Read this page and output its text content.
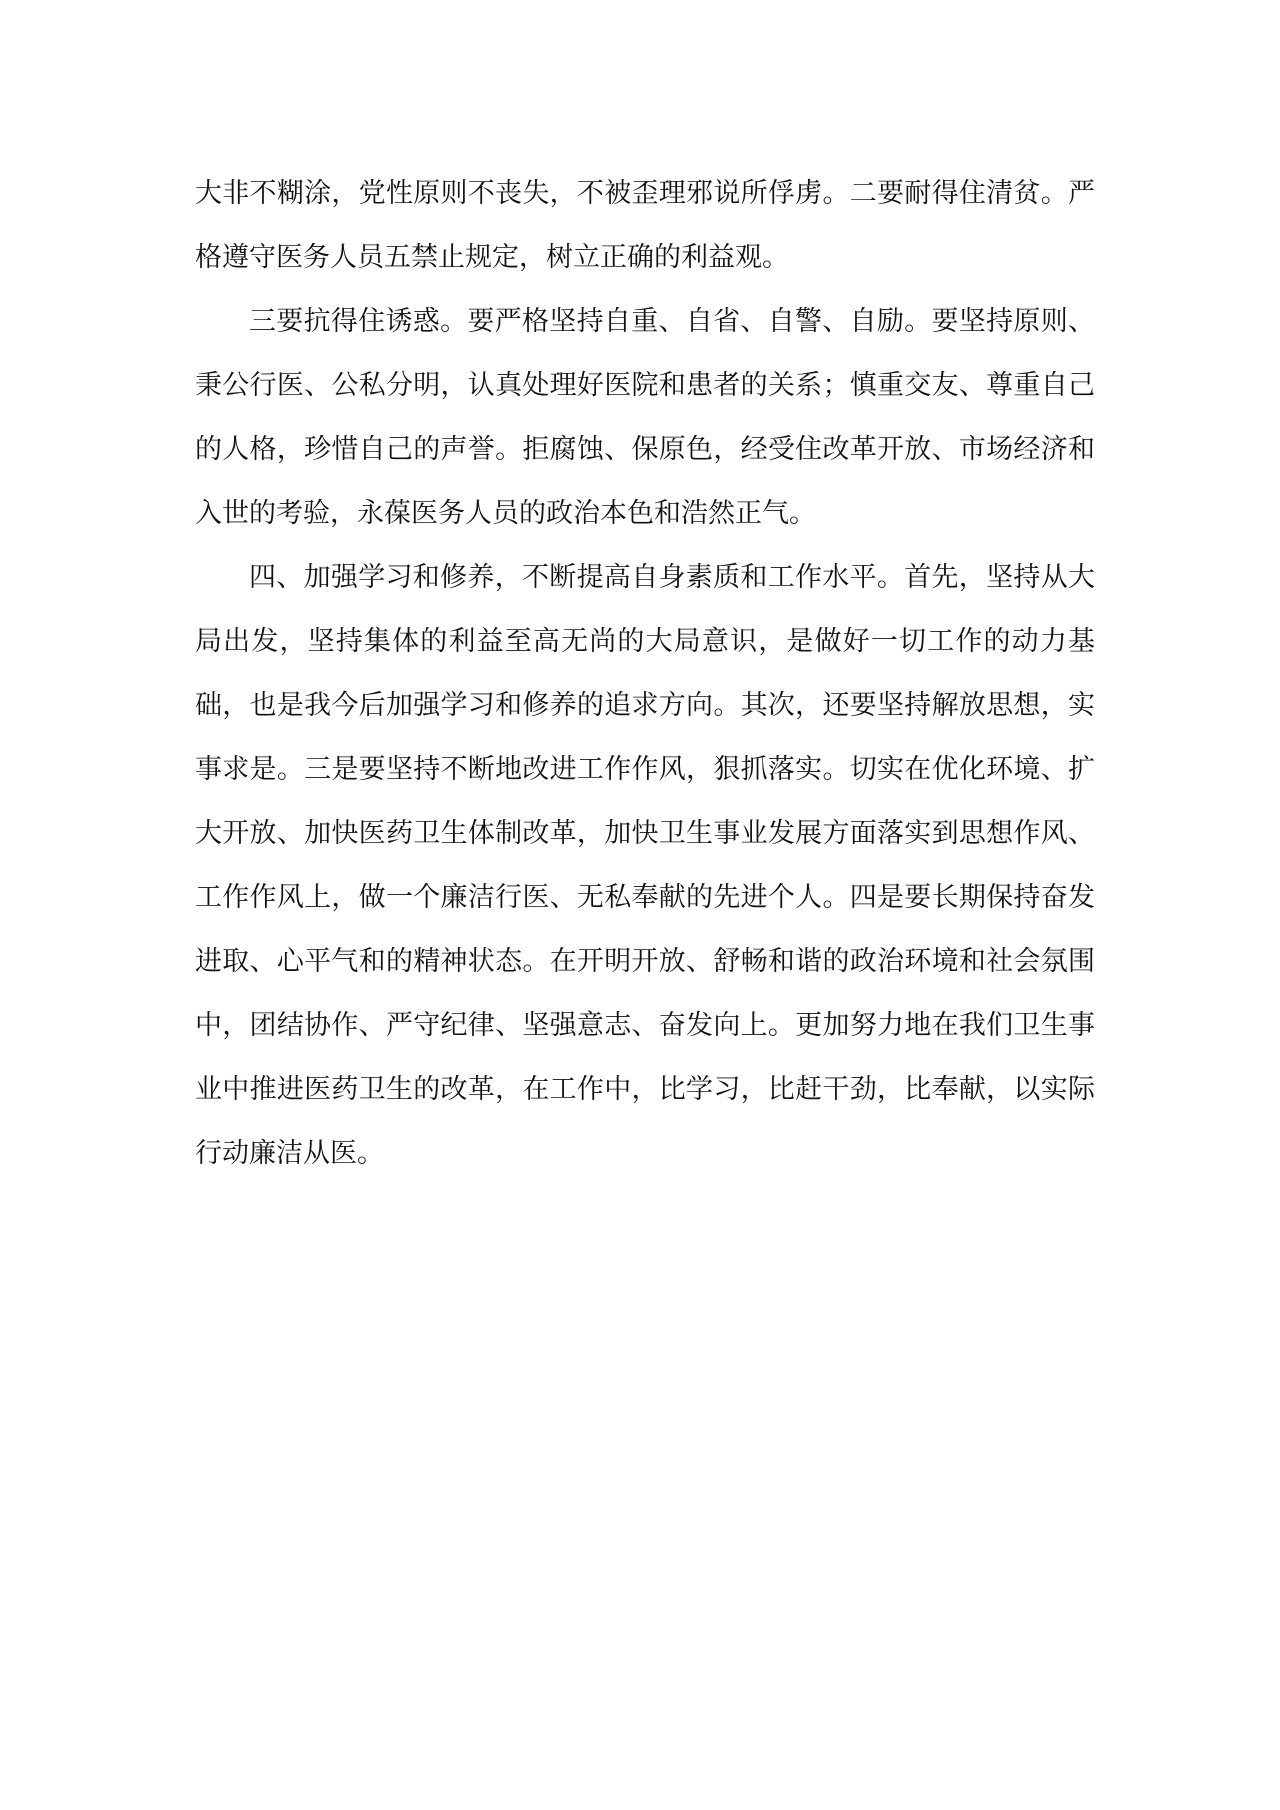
大非不糊涂，党性原则不丧失，不被歪理邪说所俘虏。二要耐得住清贫。严格遵守医务人员五禁止规定，树立正确的利益观。

三要抗得住诱惑。要严格坚持自重、自省、自警、自励。要坚持原则、秉公行医、公私分明，认真处理好医院和患者的关系；慎重交友、尊重自己的人格，珍惜自己的声誉。拒腐蚀、保原色，经受住改革开放、市场经济和入世的考验，永葆医务人员的政治本色和浩然正气。

四、加强学习和修养，不断提高自身素质和工作水平。首先，坚持从大局出发，坚持集体的利益至高无尚的大局意识，是做好一切工作的动力基础，也是我今后加强学习和修养的追求方向。其次，还要坚持解放思想，实事求是。三是要坚持不断地改进工作作风，狠抓落实。切实在优化环境、扩大开放、加快医药卫生体制改革，加快卫生事业发展方面落实到思想作风、工作作风上，做一个廉洁行医、无私奉献的先进个人。四是要长期保持奋发进取、心平气和的精神状态。在开明开放、舒畅和谐的政治环境和社会氛围中，团结协作、严守纪律、坚强意志、奋发向上。更加努力地在我们卫生事业中推进医药卫生的改革，在工作中，比学习，比赶干劲，比奉献，以实际行动廉洁从医。
